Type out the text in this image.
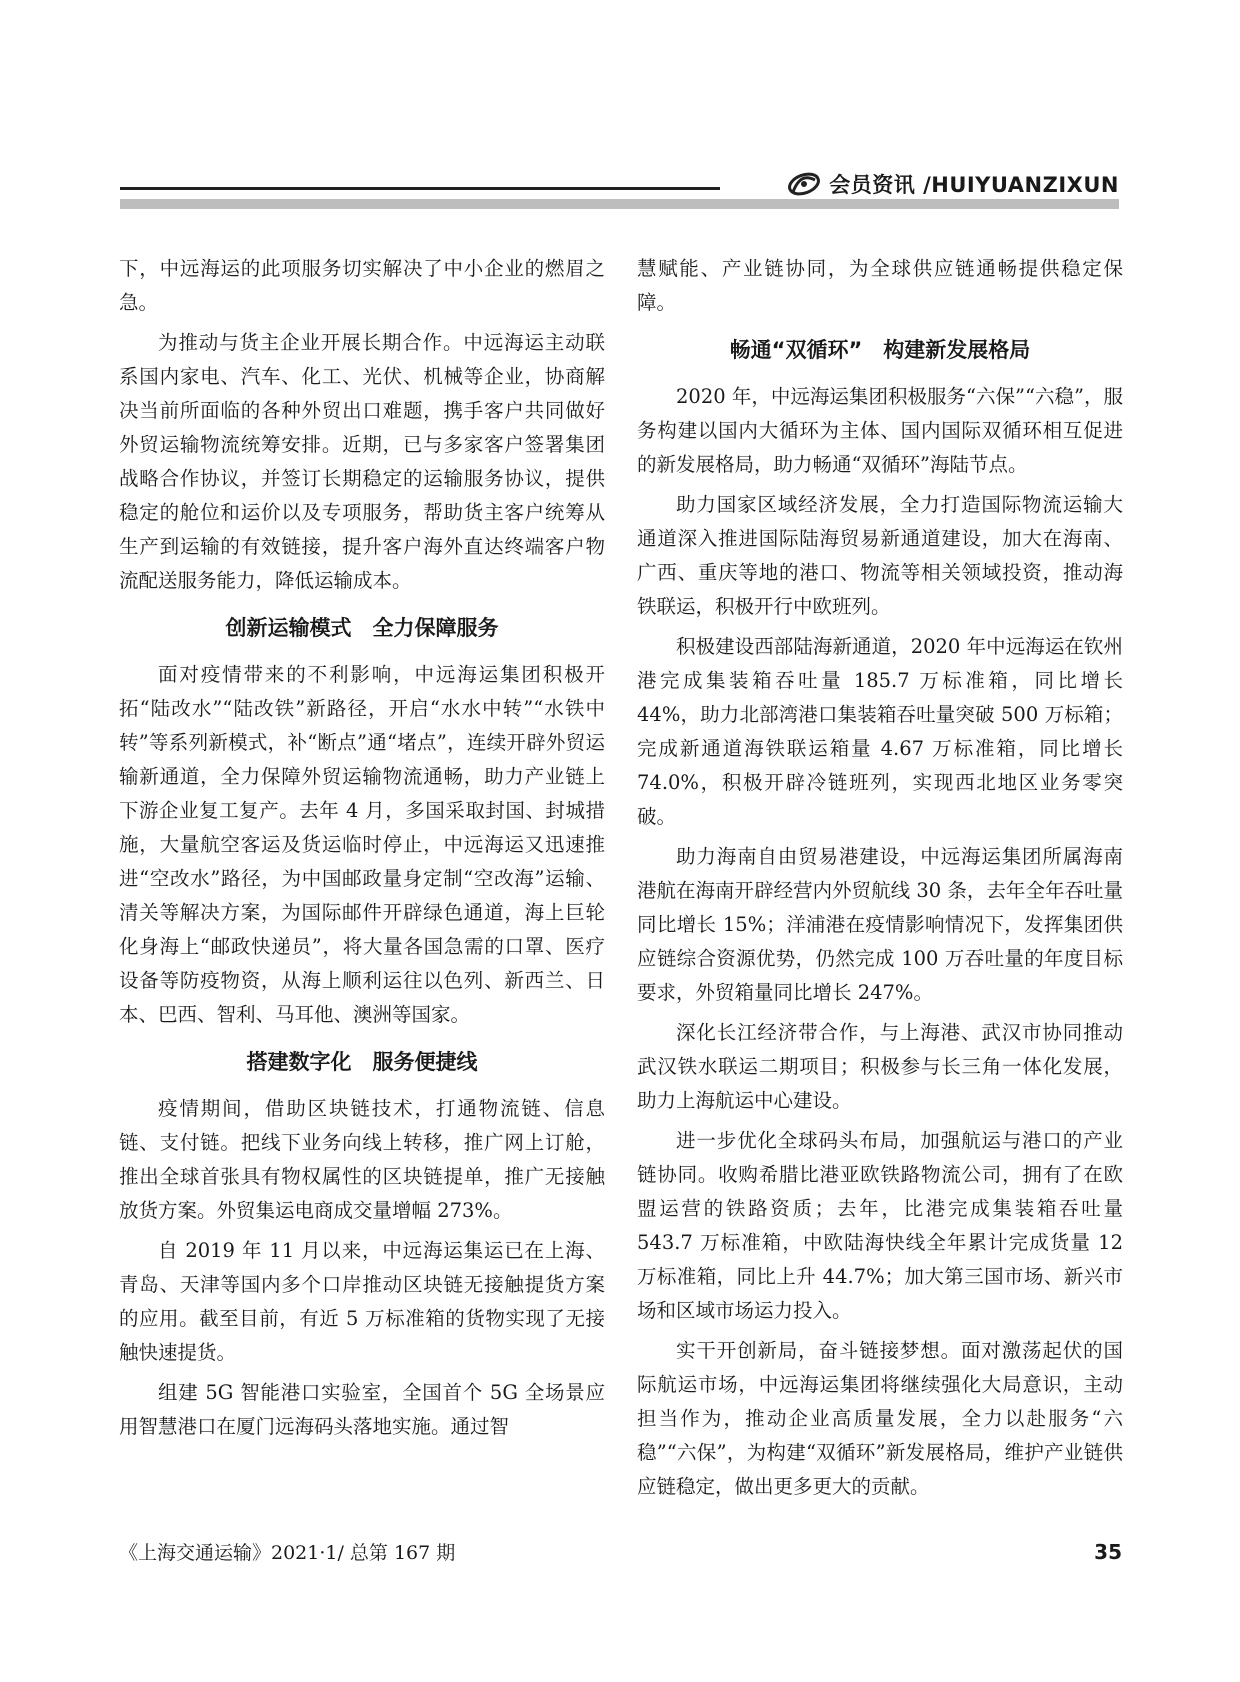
会员资讯 /HUIYUANZIXUN

下，中远海运的此项服务切实解决了中小企业的燃眉之急。

为推动与货主企业开展长期合作。中远海运主动联系国内家电、汽车、化工、光伏、机械等企业，协商解决当前所面临的各种外贸出口难题，携手客户共同做好外贸运输物流统筹安排。近期，已与多家客户签署集团战略合作协议，并签订长期稳定的运输服务协议，提供稳定的舱位和运价以及专项服务，帮助货主客户统筹从生产到运输的有效链接，提升客户海外直达终端客户物流配送服务能力，降低运输成本。

创新运输模式　全力保障服务

面对疫情带来的不利影响，中远海运集团积极开拓“陆改水”“陆改铁”新路径，开启“水水中转”“水铁中转”等系列新模式，补“断点”通“堵点”，连续开辟外贸运输新通道，全力保障外贸运输物流通畅，助力产业链上下游企业复工复产。去年 4 月，多国采取封国、封城措施，大量航空客运及货运临时停止，中远海运又迅速推进“空改水”路径，为中国邮政量身定制“空改海”运输、清关等解决方案，为国际邮件开辟绿色通道，海上巨轮化身海上“邮政快递员”，将大量各国急需的口罩、医疗设备等防疫物资，从海上顺利运往以色列、新西兰、日本、巴西、智利、马耳他、澳洲等国家。

搭建数字化　服务便捷线

疫情期间，借助区块链技术，打通物流链、信息链、支付链。把线下业务向线上转移，推广网上订舱，推出全球首张具有物权属性的区块链提单，推广无接触放货方案。外贸集运电商成交量增幅 273%。

自 2019 年 11 月以来，中远海运集运已在上海、青岛、天津等国内多个口岸推动区块链无接触提货方案的应用。截至目前，有近 5 万标准箱的货物实现了无接触快速提货。

组建 5G 智能港口实验室，全国首个 5G 全场景应用智慧港口在厦门远海码头落地实施。通过智

慧赋能、产业链协同，为全球供应链通畅提供稳定保障。

畅通“双循环”　构建新发展格局

2020 年，中远海运集团积极服务“六保”“六稳”，服务构建以国内大循环为主体、国内国际双循环相互促进的新发展格局，助力畅通“双循环”海陆节点。

助力国家区域经济发展，全力打造国际物流运输大通道深入推进国际陆海贸易新通道建设，加大在海南、广西、重庆等地的港口、物流等相关领域投资，推动海铁联运，积极开行中欧班列。

积极建设西部陆海新通道，2020 年中远海运在钦州港完成集装箱吞吐量 185.7 万标准箱，同比增长 44%，助力北部湾港口集装箱吞吐量突破 500 万标箱；完成新通道海铁联运箱量 4.67 万标准箱，同比增长 74.0%，积极开辟冷链班列，实现西北地区业务零突破。

助力海南自由贸易港建设，中远海运集团所属海南港航在海南开辟经营内外贸航线 30 条，去年全年吞吐量同比增长 15%；洋浦港在疫情影响情况下，发挥集团供应链综合资源优势，仍然完成 100 万吞吐量的年度目标要求，外贸箱量同比增长 247%。

深化长江经济带合作，与上海港、武汉市协同推动武汉铁水联运二期项目；积极参与长三角一体化发展，助力上海航运中心建设。

进一步优化全球码头布局，加强航运与港口的产业链协同。收购希腊比港亚欧铁路物流公司，拥有了在欧盟运营的铁路资质；去年，比港完成集装箱吞吐量 543.7 万标准箱，中欧陆海快线全年累计完成货量 12 万标准箱，同比上升 44.7%；加大第三国市场、新兴市场和区域市场运力投入。

实干开创新局，奋斗链接梦想。面对激荡起伏的国际航运市场，中远海运集团将继续强化大局意识，主动担当作为，推动企业高质量发展，全力以赴服务“六稳”“六保”，为构建“双循环”新发展格局，维护产业链供应链稳定，做出更多更大的贡献。

《上海交通运输》2021·1/ 总第 167 期	35
